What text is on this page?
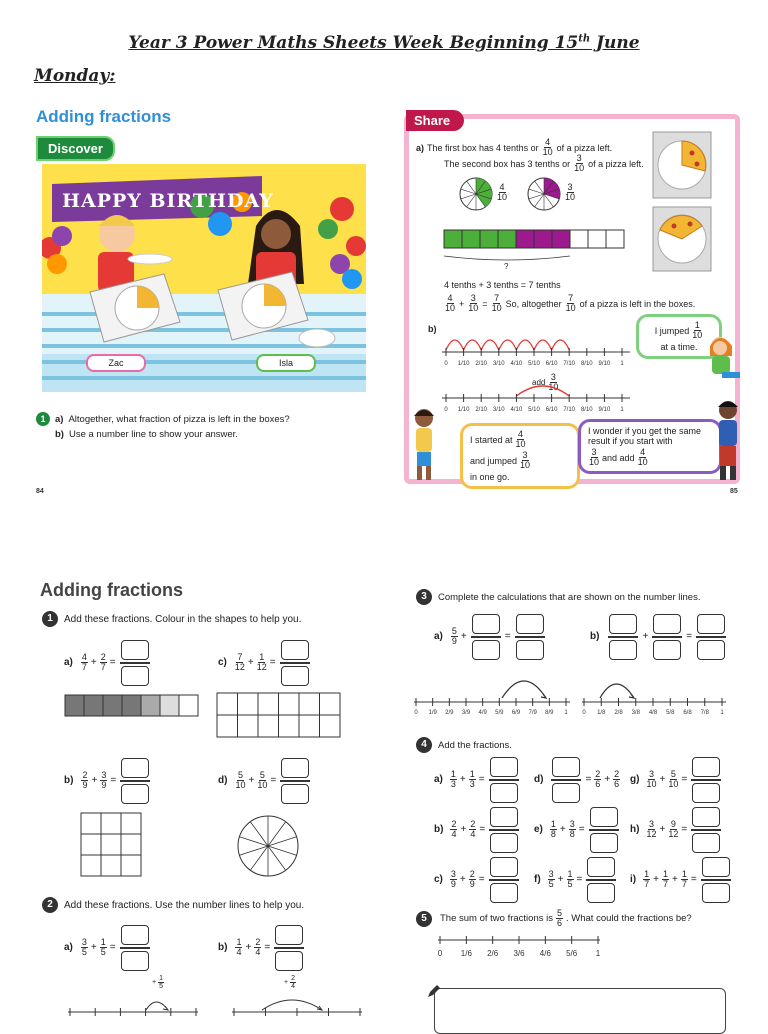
Year 3 Power Maths Sheets Week Beginning 15th June
Monday:
Adding fractions
Discover
HAPPY BIRTHDAY
Zac	Isla
1	a) Altogether, what fraction of pizza is left in the boxes?
b) Use a number line to show your answer.
84
Share
a) The first box has 4 tenths or $\frac{4}{10}$ of a pizza left.
The second box has 3 tenths or $\frac{3}{10}$ of a pizza left.
$\frac{4}{10}$	$\frac{3}{10}$
?
4 tenths + 3 tenths = 7 tenths
$\frac{4}{10} + \frac{3}{10} = \frac{7}{10} So$, altogether $\frac{7}{10}$ of a pizza is left in the boxes.
b)
0 1/10 2/10 3/10 4/10 5/10 6/10 7/10 8/10 9/10 1
I jumped $\frac{1}{10}$
at a time.
add $\frac{3}{10}$
0 1/10 2/10 3/10 4/10 5/10 6/10 7/10 8/10 9/10 1
I started at $\frac{4}{10}$
and jumped $\frac{3}{10}$
in one go.
I wonder if you get the same result if you start with
$\frac{3}{10}$ and add $\frac{4}{10}$
85
Adding fractions
1	Add these fractions. Colour in the shapes to help you.
$a) \frac{4}{7} + \frac{2}{7}$ =	$c) \frac{7}{12} + \frac{1}{12}$ =
$b) \frac{2}{9} + \frac{3}{9}$ =	$d) \frac{5}{10} + \frac{5}{10}$ =
2	Add these fractions. Use the number lines to help you.
$a) \frac{3}{5} + \frac{1}{5}$ =	$b) \frac{1}{4} + \frac{2}{4}$ =
+ $\frac{1}{5}$	+ $\frac{2}{4}$
3	Complete the calculations that are shown on the number lines.
$a) \frac{5}{9}$ +	=	b)	+	=
0 1/9 2/9 3/9 4/9 5/9 6/9 7/9 8/9 1 0 1/8 2/8 3/8 4/8 5/8 6/8 7/8 1
4	Add the fractions.
$a) \frac{1}{3} + \frac{1}{3}$ =	d)	= $\frac{2}{6} + \frac{2}{6} g) \frac{3}{10} + \frac{5}{10}$ =
$b) \frac{2}{4} + \frac{2}{4}$ =	$e) \frac{1}{8} + \frac{3}{8}$ =	$h) \frac{3}{12} + \frac{9}{12}$ =
$c) \frac{3}{9} + \frac{2}{9}$ =	$f) \frac{3}{5} + \frac{1}{5}$ =	$i) \frac{1}{7} + \frac{1}{7} + \frac{1}{7}$ =
5	The sum of two fractions is $\frac{5}{6}$ . What could the fractions be?
0 1/6 2/6 3/6 4/6 5/6 1
